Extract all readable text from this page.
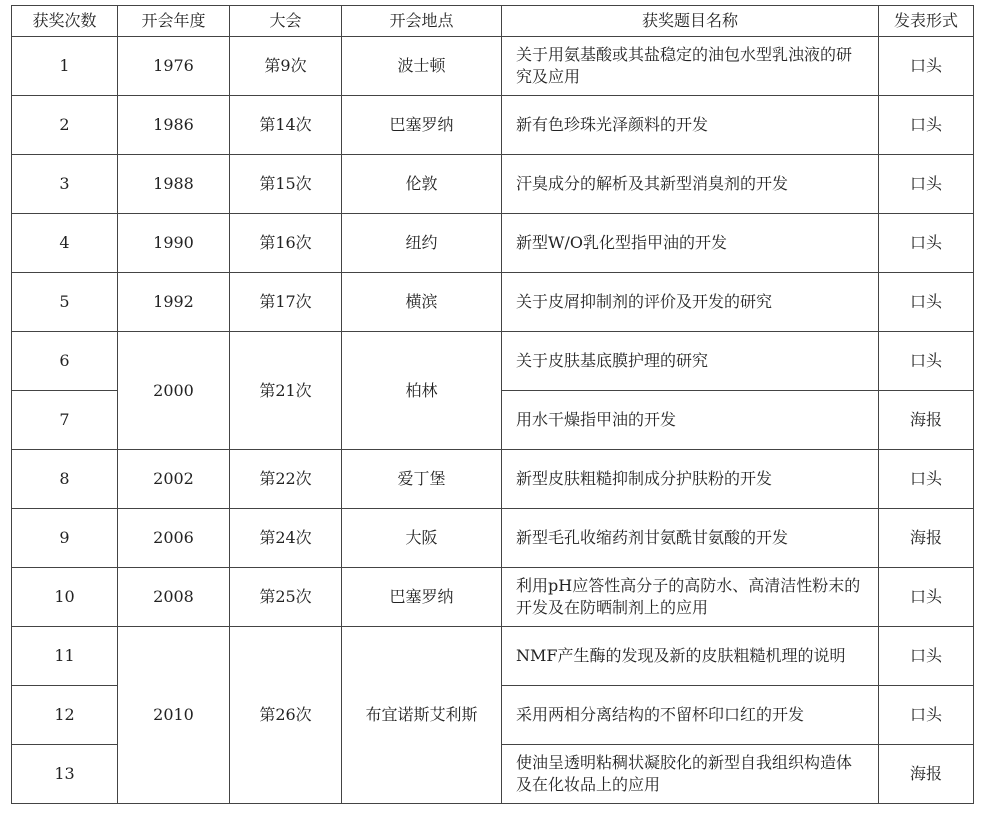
获奖次数	开会年度	大会	开会地点	获奖题目名称	发表形式
1	1976	第9次	波士顿	关于用氨基酸或其盐稳定的油包水型乳浊液的研究及应用	口头
2	1986	第14次	巴塞罗纳	新有色珍珠光泽颜料的开发	口头
3	1988	第15次	伦敦	汗臭成分的解析及其新型消臭剂的开发	口头
4	1990	第16次	纽约	新型W/O乳化型指甲油的开发	口头
5	1992	第17次	横滨	关于皮屑抑制剂的评价及开发的研究	口头
6	2000	第21次	柏林	关于皮肤基底膜护理的研究	口头
7				用水干燥指甲油的开发	海报
8	2002	第22次	爱丁堡	新型皮肤粗糙抑制成分护肤粉的开发	口头
9	2006	第24次	大阪	新型毛孔收缩药剂甘氨酰甘氨酸的开发	海报
10	2008	第25次	巴塞罗纳	利用pH应答性高分子的高防水、高清洁性粉末的开发及在防晒制剂上的应用	口头
11	2010	第26次	布宜诺斯艾利斯	NMF产生酶的发现及新的皮肤粗糙机理的说明	口头
12				采用两相分离结构的不留杯印口红的开发	口头
13				使油呈透明粘稠状凝胶化的新型自我组织构造体及在化妆品上的应用	海报
